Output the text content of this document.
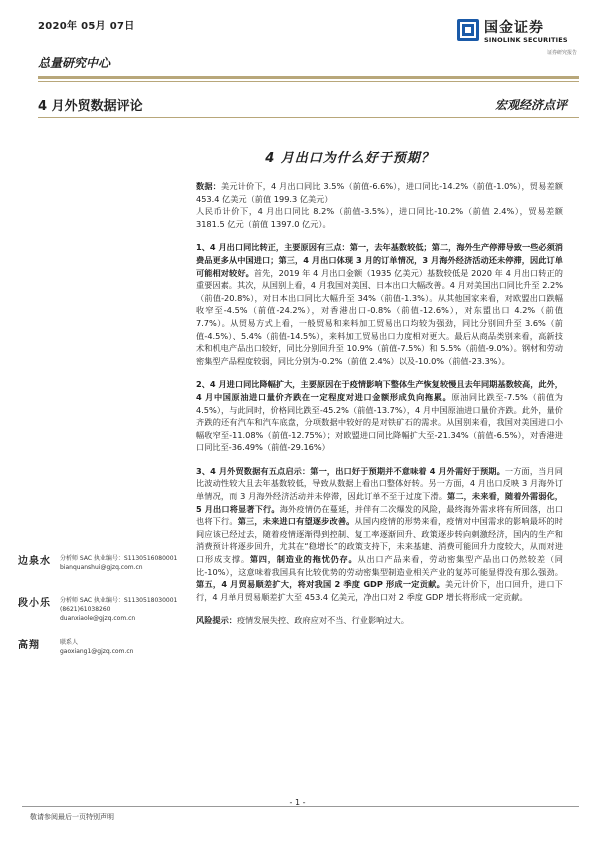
2020年 05月 07日	国金证券
SINOLINK SECURITIES
证券研究报告
总量研究中心
4 月外贸数据评论	宏观经济点评
4 月出口为什么好于预期？

数据：美元计价下，4 月出口同比 3.5%（前值-6.6%），进口同比-14.2%（前值-1.0%），贸易差额 453.4 亿美元（前值 199.3 亿美元）
人民币计价下，4 月出口同比 8.2%（前值-3.5%），进口同比-10.2%（前值 2.4%），贸易差额 3181.5 亿元（前值 1397.0 亿元）。

1、4 月出口同比转正，主要原因有三点：第一，去年基数较低；第二，海外生产停滞导致一些必须消费品更多从中国进口；第三，4 月出口体现 3 月的订单情况，3 月海外经济活动还未停滞，因此订单可能相对较好。首先，2019 年 4 月出口金额（1935 亿美元）基数较低是 2020 年 4 月出口转正的重要因素。其次，从国别上看，4 月我国对美国、日本出口大幅改善。4 月对美国出口同比升至 2.2%（前值-20.8%），对日本出口同比大幅升至 34%（前值-1.3%）。从其他国家来看，对欧盟出口跌幅收窄至-4.5%（前值-24.2%），对香港出口-0.8%（前值-12.6%），对东盟出口 4.2%（前值 7.7%）。从贸易方式上看，一般贸易和来料加工贸易出口均较为强劲，同比分别回升至 3.6%（前值-4.5%）、5.4%（前值-14.5%），来料加工贸易出口力度相对更大。最后从商品类别来看，高新技术和机电产品出口较好，同比分别回升至 10.9%（前值-7.5%）和 5.5%（前值-9.0%）。钢材和劳动密集型产品程度较弱，同比分别为-0.2%（前值 2.4%）以及-10.0%（前值-23.3%）。

2、4 月进口同比降幅扩大，主要原因在于疫情影响下整体生产恢复较慢且去年同期基数较高，此外，4 月中国原油进口量价齐跌在一定程度对进口金额形成负向拖累。原油同比跌至-7.5%（前值为 4.5%），与此同时，价格同比跌至-45.2%（前值-13.7%），4 月中国原油进口量价齐跌。此外，量价齐跌的还有汽车和汽车底盘，分项数据中较好的是对铁矿石的需求。从国别来看，我国对美国进口小幅收窄至-11.08%（前值-12.75%）；对欧盟进口同比降幅扩大至-21.34%（前值-6.5%），对香港进口同比至-36.49%（前值-29.16%）

3、4 月外贸数据有五点启示：第一，出口好于预期并不意味着 4 月外需好于预期。一方面，当月同比波动性较大且去年基数较低，导致从数据上看出口整体好转。另一方面，4 月出口反映 3 月海外订单情况，而 3 月海外经济活动并未停滞，因此订单不至于过度下滑。第二，未来看，随着外需弱化，5 月出口将显著下行。海外疫情仍在蔓延，并伴有二次爆发的风险，最终海外需求将有所回落，出口也将下行。第三，未来进口有望逐步改善。从国内疫情的形势来看，疫情对中国需求的影响最坏的时间应该已经过去，随着疫情逐渐得到控制、复工率逐渐回升、政策逐步转向刺激经济，国内的生产和消费预计将逐步回升，尤其在“稳增长”的政策支持下，未来基建、消费可能回升力度较大，从而对进口形成支撑。第四，制造业的拖忧仍存。从出口产品来看，劳动密集型产品出口仍然较差（同比-10%），这意味着我国具有比较优势的劳动密集型制造业相关产业的复苏可能显得没有那么强劲。第五，4 月贸易顺差扩大，将对我国 2 季度 GDP 形成一定贡献。美元计价下，出口回升，进口下行，4 月单月贸易顺差扩大至 453.4 亿美元，净出口对 2 季度 GDP 增长将形成一定贡献。

风险提示：疫情发展失控、政府应对不当、行业影响过大。

边泉水 分析师 SAC 执业编号：S1130516080001
bianquanshui@gjzq.com.cn
段小乐 分析师 SAC 执业编号：S1130518030001
(8621)61038260
duanxiaole@gjzq.com.cn
高翔	联系人
gaoxiang1@gjzq.com.cn
- 1 -
敬请参阅最后一页特别声明
